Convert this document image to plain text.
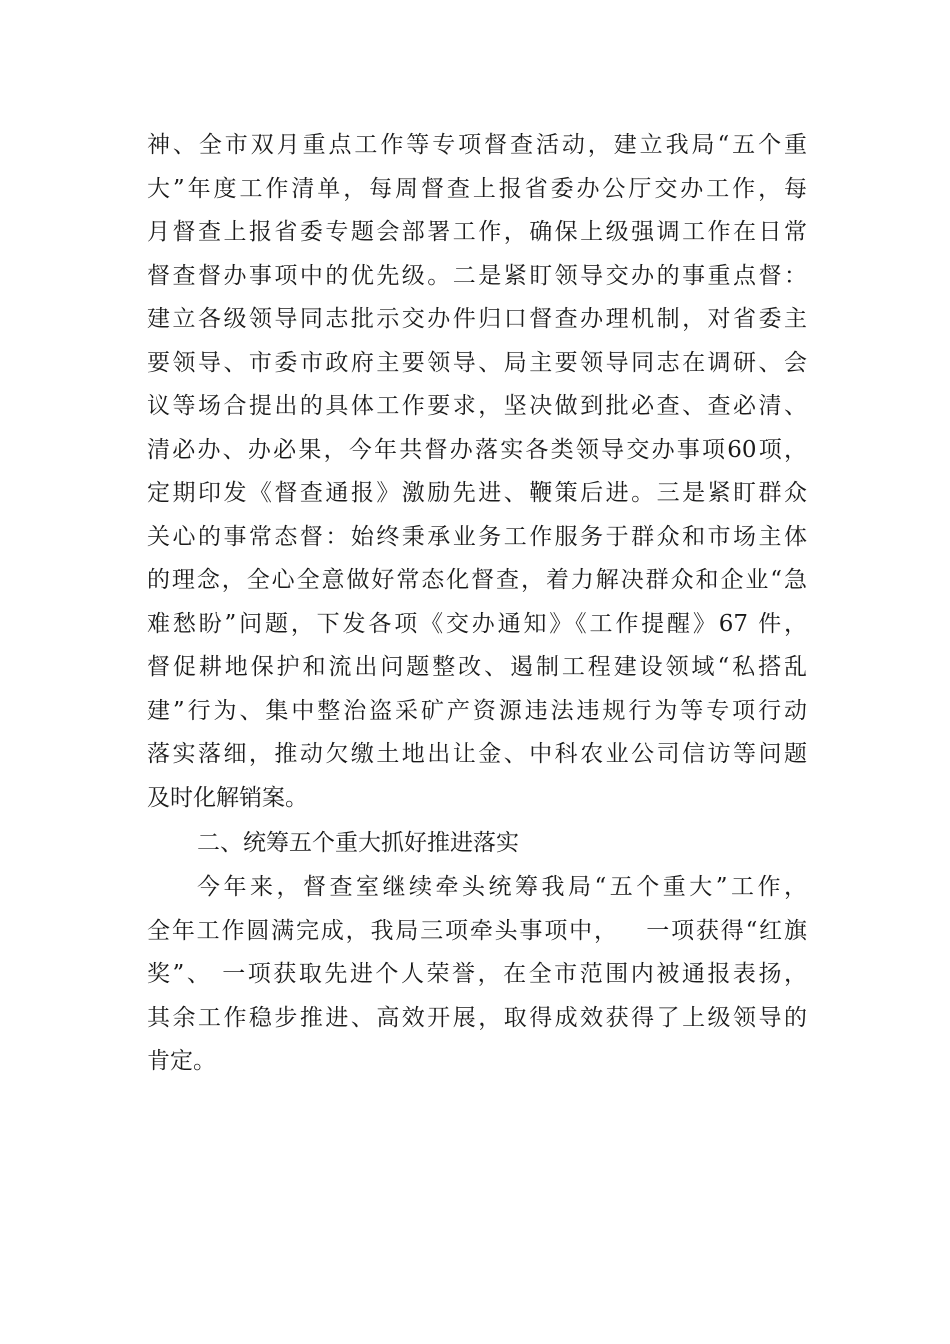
神、全市双月重点工作等专项督查活动，建立我局“五个重
大”年度工作清单，每周督查上报省委办公厅交办工作，每
月督查上报省委专题会部署工作，确保上级强调工作在日常
督查督办事项中的优先级。二是紧盯领导交办的事重点督：
建立各级领导同志批示交办件归口督查办理机制，对省委主
要领导、市委市政府主要领导、局主要领导同志在调研、会
议等场合提出的具体工作要求，坚决做到批必查、查必清、
清必办、办必果，今年共督办落实各类领导交办事项60项，
定期印发《督查通报》激励先进、鞭策后进。三是紧盯群众
关心的事常态督：始终秉承业务工作服务于群众和市场主体
的理念，全心全意做好常态化督查，着力解决群众和企业“急
难愁盼”问题，下发各项《交办通知》《工作提醒》67 件，
督促耕地保护和流出问题整改、遏制工程建设领域“私搭乱
建”行为、集中整治盗采矿产资源违法违规行为等专项行动
落实落细，推动欠缴土地出让金、中科农业公司信访等问题
及时化解销案。
二、统筹五个重大抓好推进落实
今年来，督查室继续牵头统筹我局“五个重大”工作，
全年工作圆满完成，我局三项牵头事项中，   一项获得“红旗
奖”、 一项获取先进个人荣誉，在全市范围内被通报表扬，
其余工作稳步推进、高效开展，取得成效获得了上级领导的
肯定。
